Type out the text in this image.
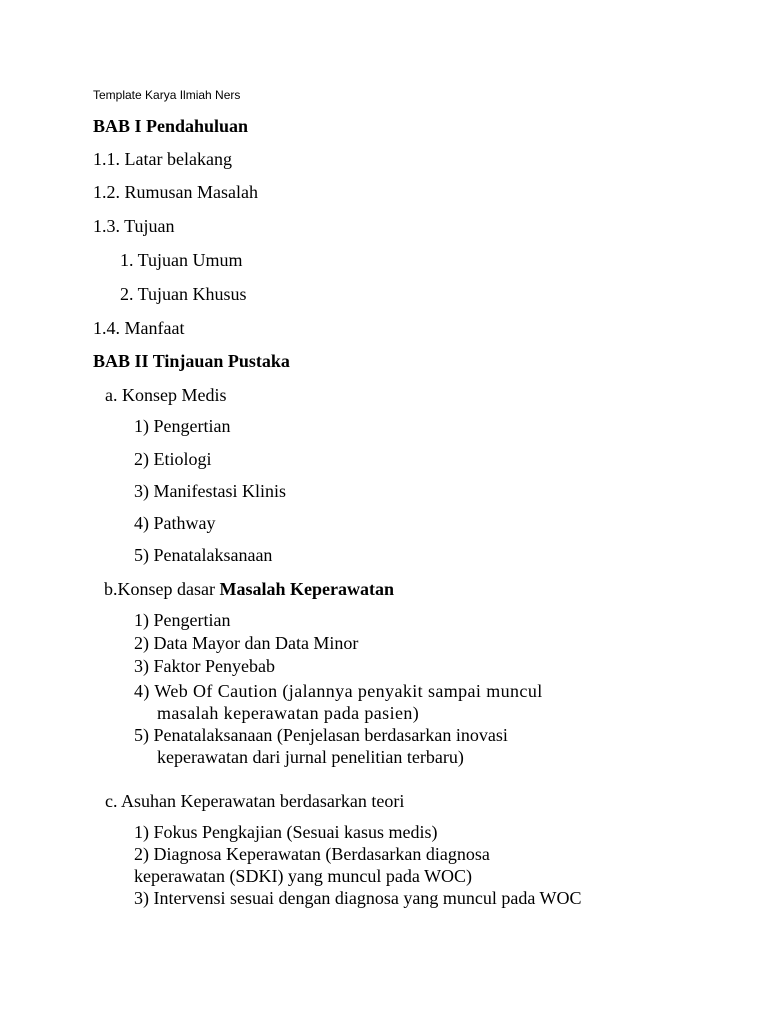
Template Karya Ilmiah Ners
BAB I Pendahuluan
1.1. Latar belakang
1.2. Rumusan Masalah
1.3. Tujuan
1. Tujuan Umum
2. Tujuan Khusus
1.4. Manfaat
BAB II Tinjauan Pustaka
a. Konsep Medis
1) Pengertian
2) Etiologi
3) Manifestasi Klinis
4) Pathway
5) Penatalaksanaan
b.Konsep dasar Masalah Keperawatan
1) Pengertian
2) Data Mayor dan Data Minor
3) Faktor Penyebab
4) Web Of Caution (jalannya penyakit sampai muncul
masalah keperawatan pada pasien)
5) Penatalaksanaan (Penjelasan berdasarkan inovasi
keperawatan dari jurnal penelitian terbaru)
c. Asuhan Keperawatan berdasarkan teori
1) Fokus Pengkajian (Sesuai kasus medis)
2) Diagnosa Keperawatan (Berdasarkan diagnosa
keperawatan (SDKI) yang muncul pada WOC)
3) Intervensi sesuai dengan diagnosa yang muncul pada WOC
